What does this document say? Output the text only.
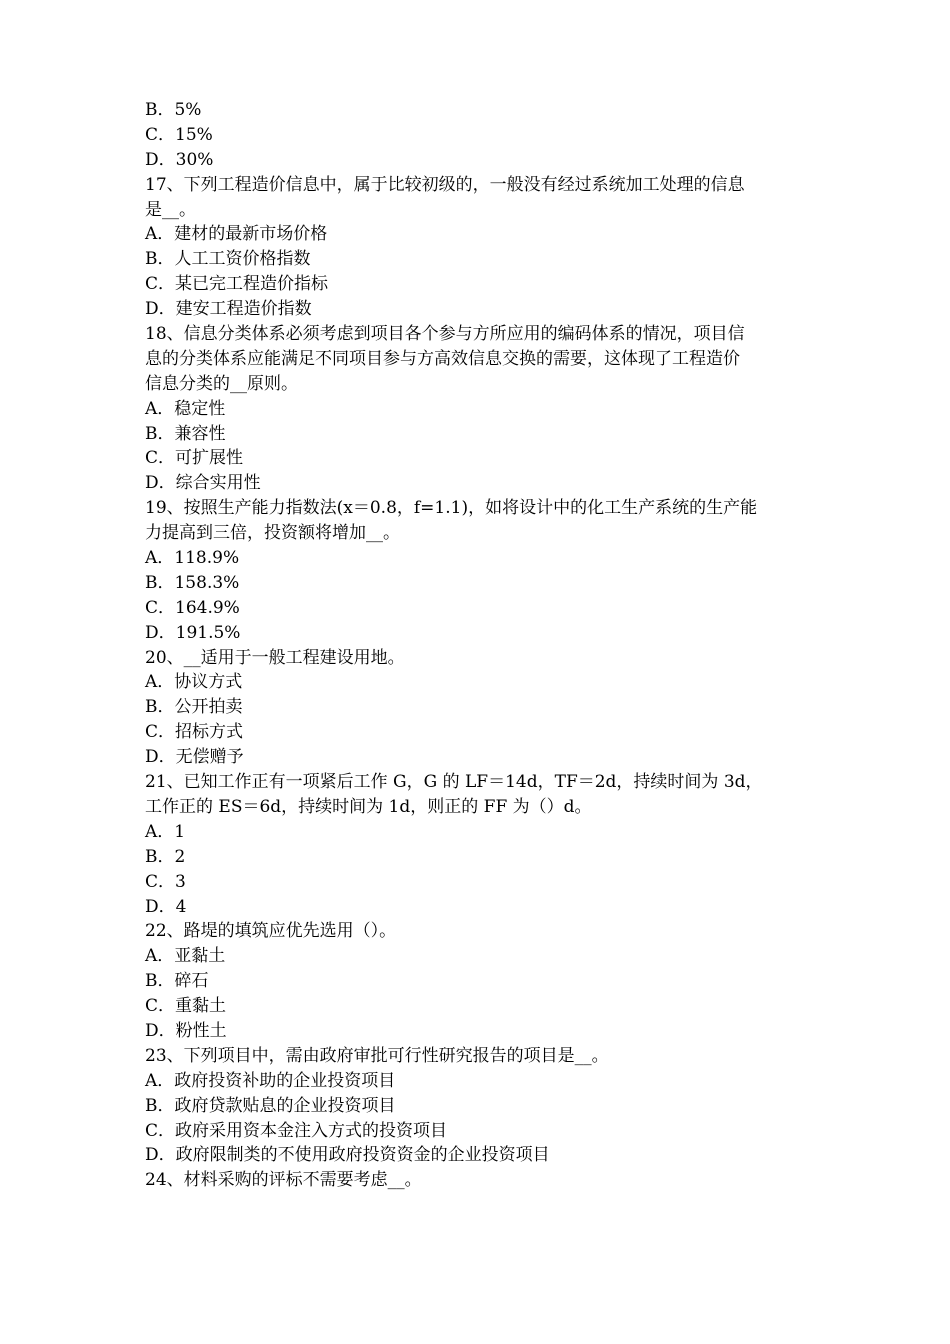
B．5%
C．15%
D．30%
17、下列工程造价信息中，属于比较初级的，一般没有经过系统加工处理的信息
是__。
A．建材的最新市场价格
B．人工工资价格指数
C．某已完工程造价指标
D．建安工程造价指数
18、信息分类体系必须考虑到项目各个参与方所应用的编码体系的情况，项目信
息的分类体系应能满足不同项目参与方高效信息交换的需要，这体现了工程造价
信息分类的__原则。
A．稳定性
B．兼容性
C．可扩展性
D．综合实用性
19、按照生产能力指数法(x＝0.8，f=1.1)，如将设计中的化工生产系统的生产能
力提高到三倍，投资额将增加__。
A．118.9%
B．158.3%
C．164.9%
D．191.5%
20、__适用于一般工程建设用地。
A．协议方式
B．公开拍卖
C．招标方式
D．无偿赠予
21、已知工作正有一项紧后工作 G，G 的 LF＝14d，TF＝2d，持续时间为 3d，
工作正的 ES＝6d，持续时间为 1d，则正的 FF 为（）d。
A．1
B．2
C．3
D．4
22、路堤的填筑应优先选用（）。
A．亚黏土
B．碎石
C．重黏土
D．粉性土
23、下列项目中，需由政府审批可行性研究报告的项目是__。
A．政府投资补助的企业投资项目
B．政府贷款贴息的企业投资项目
C．政府采用资本金注入方式的投资项目
D．政府限制类的不使用政府投资资金的企业投资项目
24、材料采购的评标不需要考虑__。
